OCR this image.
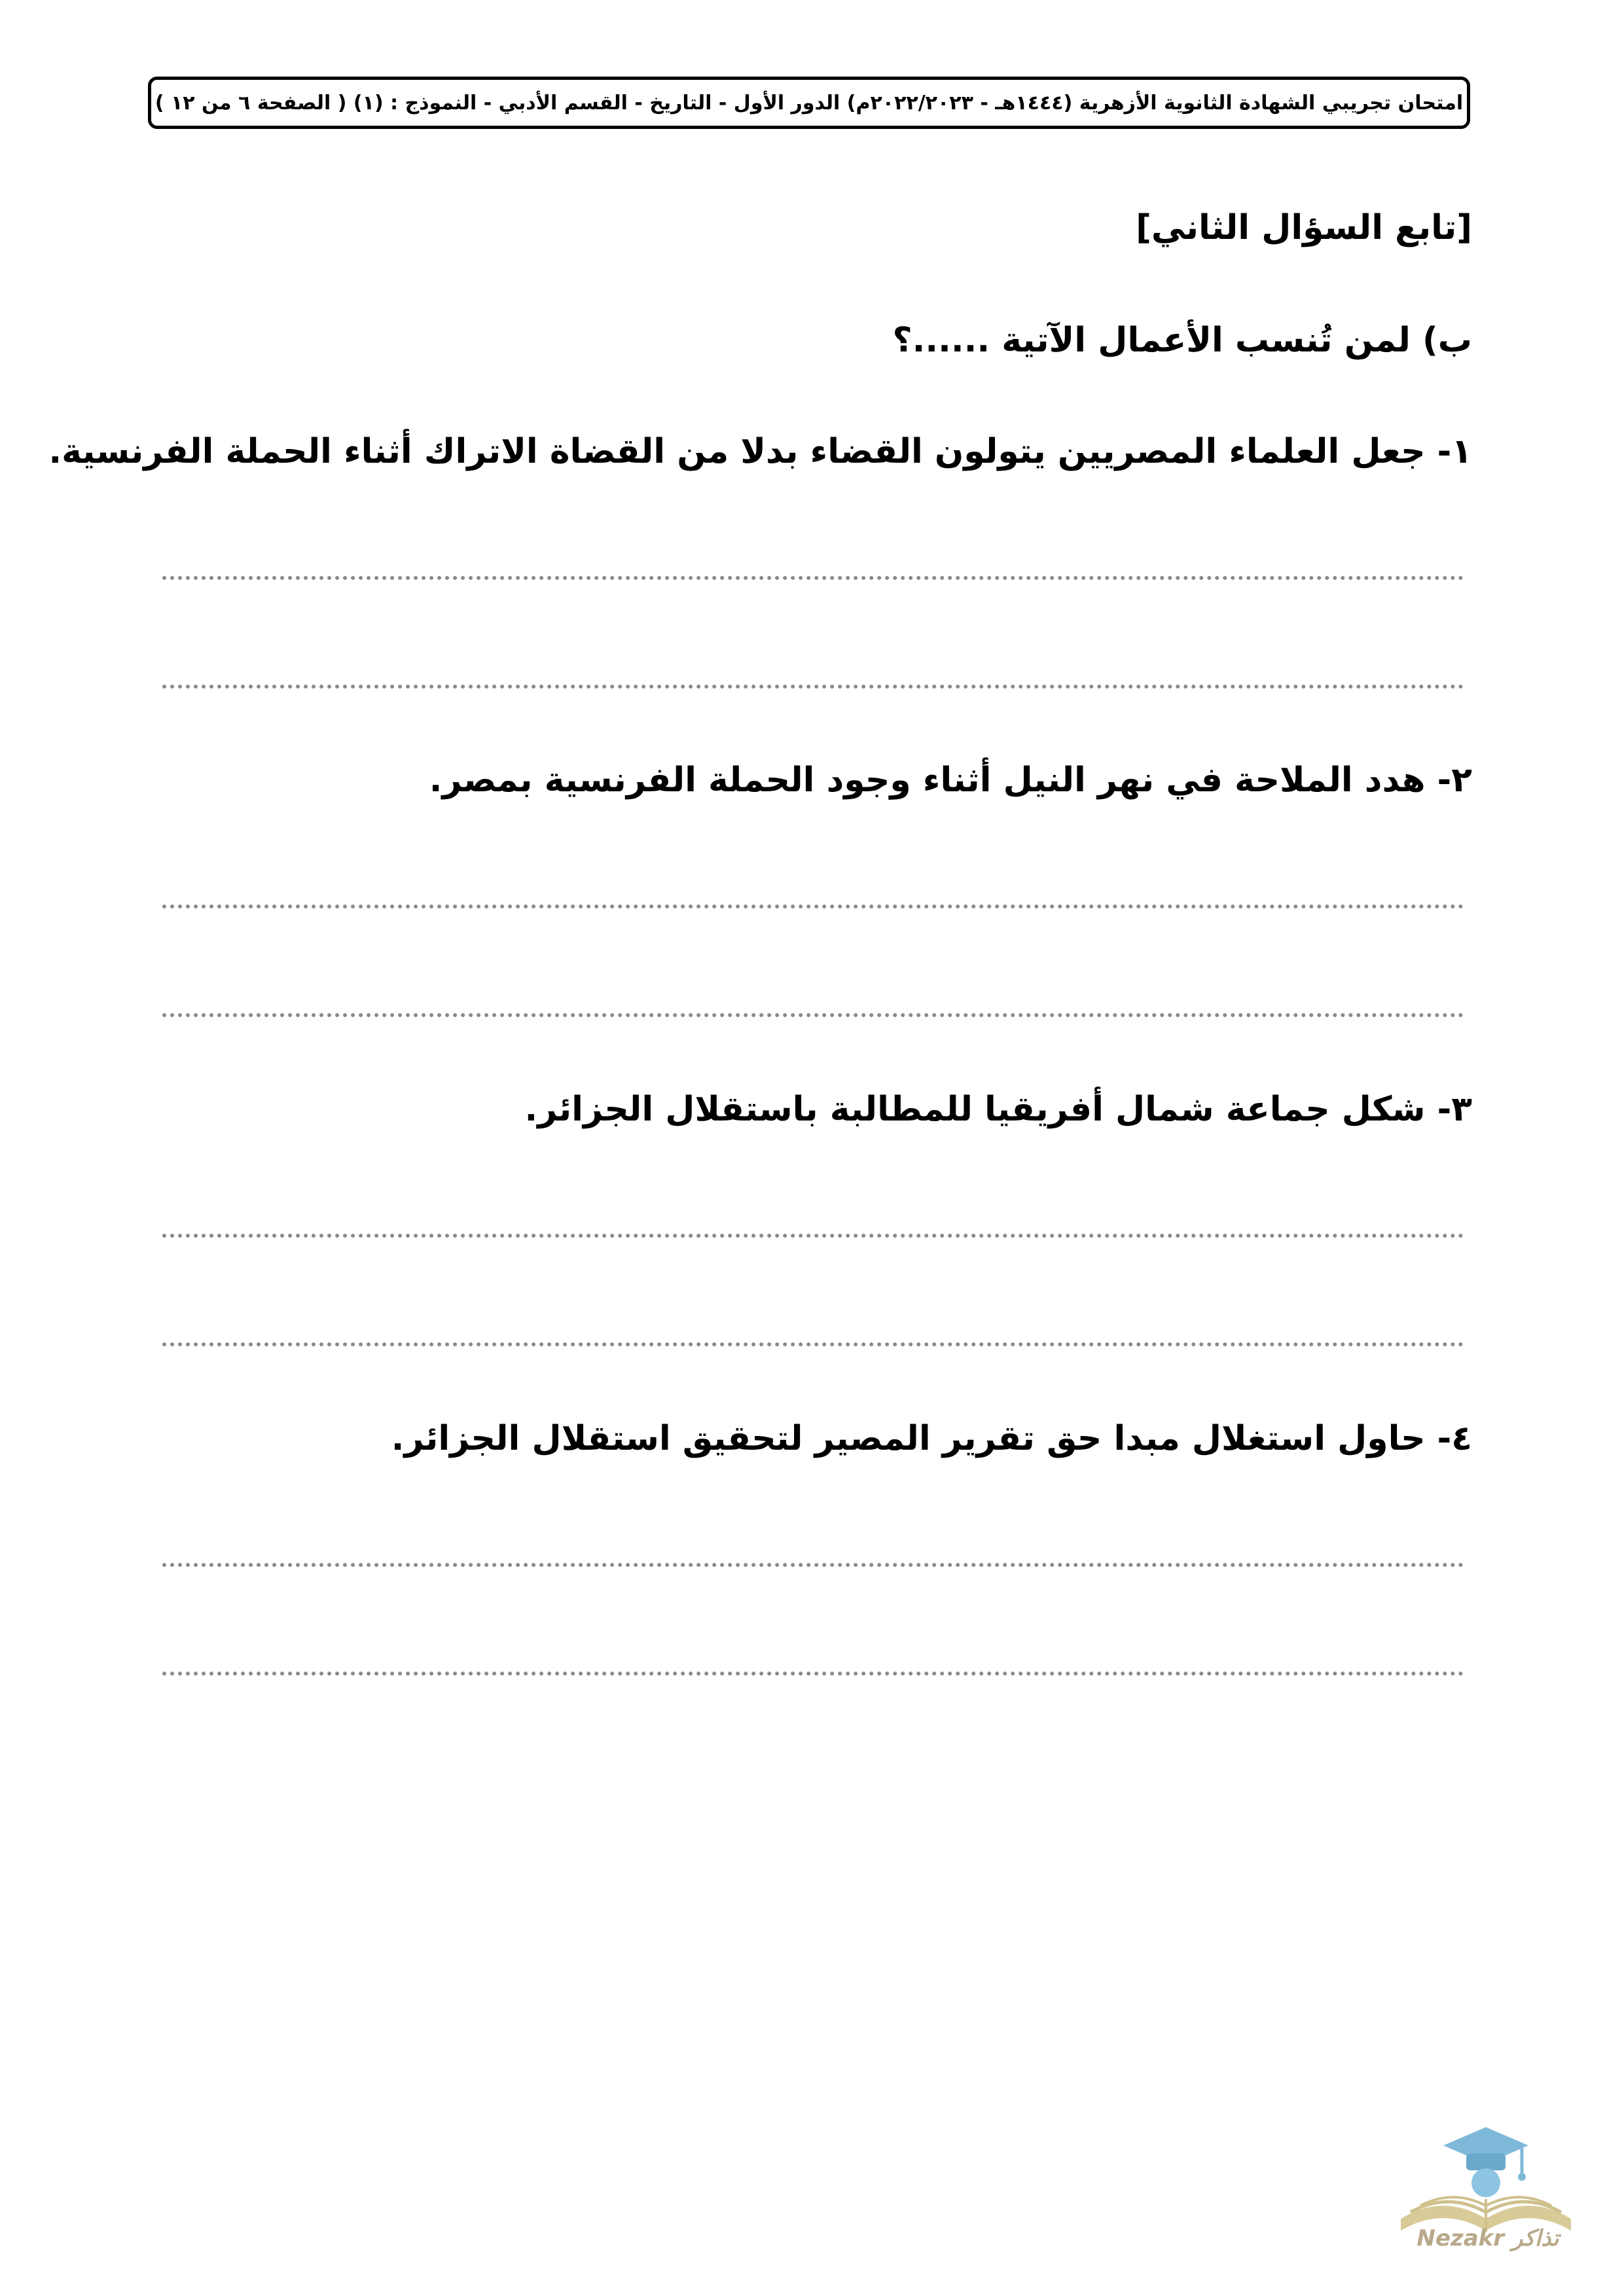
امتحان تجريبي الشهادة الثانوية الأزهرية (١٤٤٤هـ - ٢٠٢٢/٢٠٢٣م) الدور الأول - التاريخ - القسم الأدبي - النموذج : (١) ( الصفحة ٦ من ١٢ )
[تابع السؤال الثاني]
ب) لمن تُنسب الأعمال الآتية ......؟
١- جعل العلماء المصريين يتولون القضاء بدلا من القضاة الاتراك أثناء الحملة الفرنسية.
٢- هدد الملاحة في نهر النيل أثناء وجود الحملة الفرنسية بمصر.
٣- شكل جماعة شمال أفريقيا للمطالبة باستقلال الجزائر.
٤- حاول استغلال مبدا حق تقرير المصير لتحقيق استقلال الجزائر.
Nezakr تذاكر
